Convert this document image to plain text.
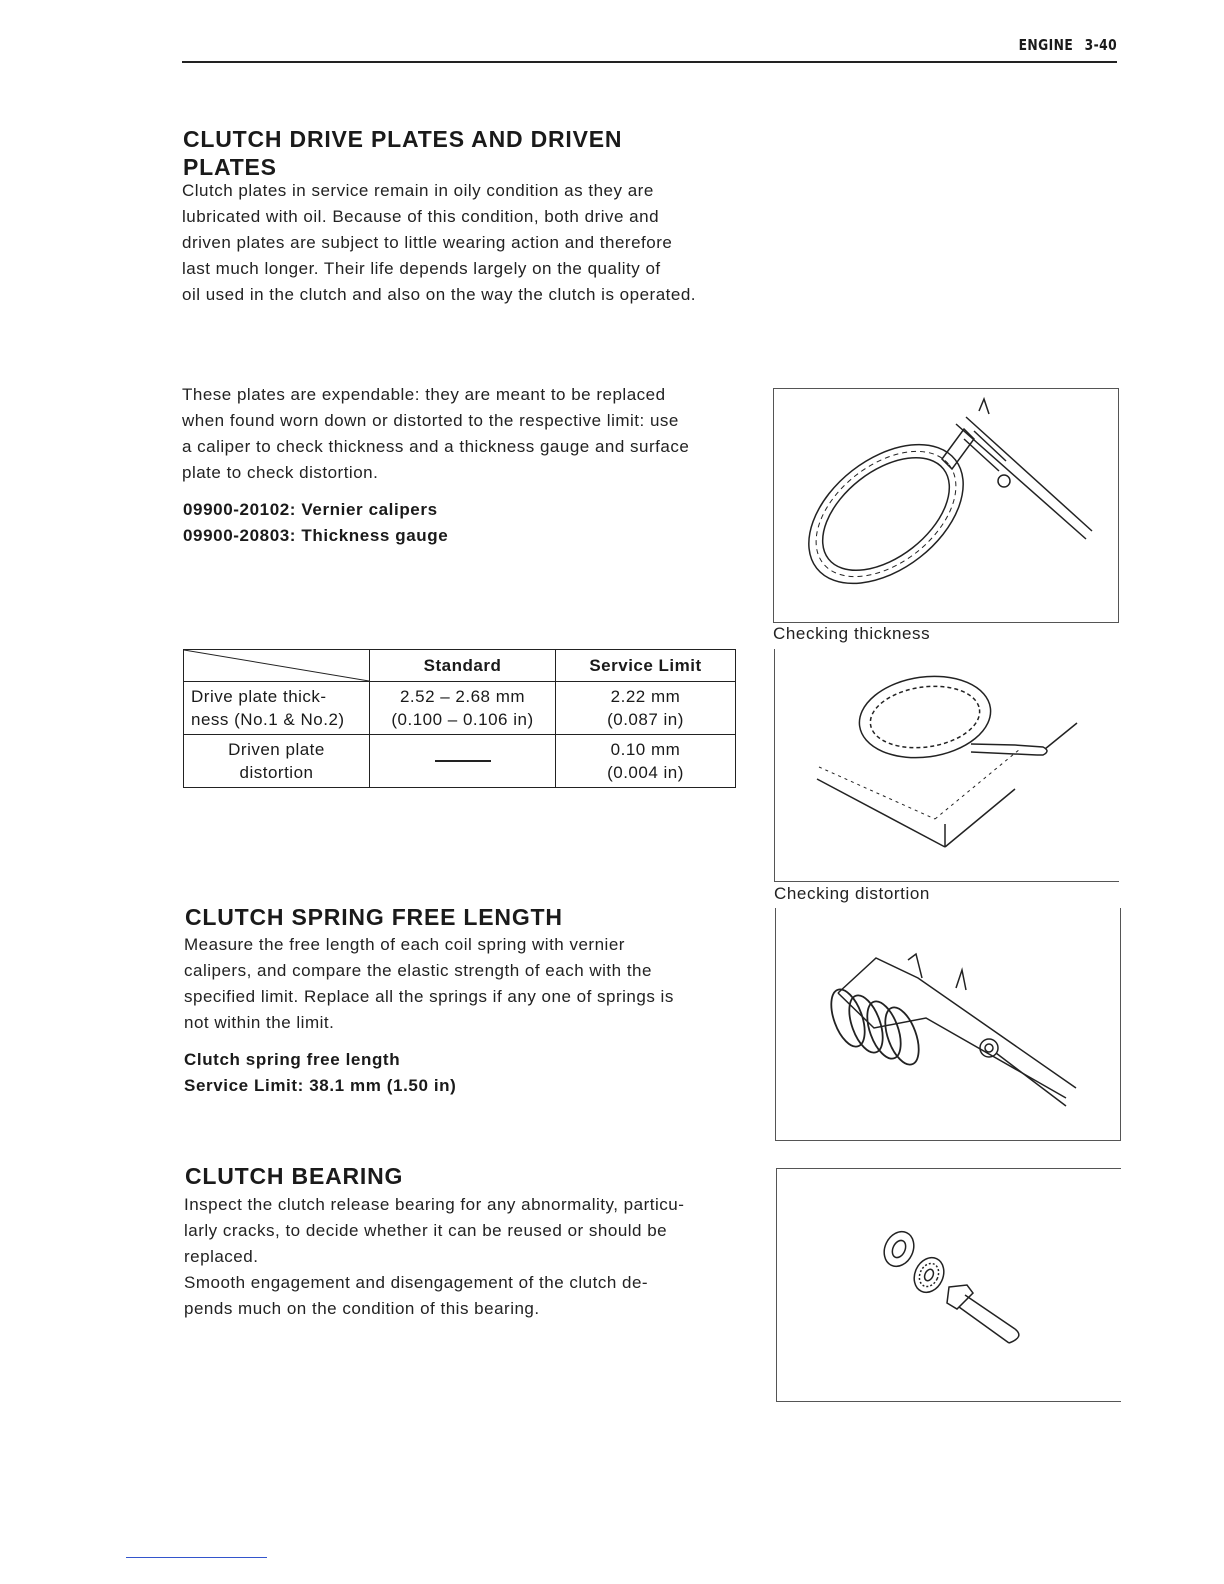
ENGINE 3-40
CLUTCH DRIVE PLATES AND DRIVEN
PLATES
Clutch plates in service remain in oily condition as they are
lubricated with oil. Because of this condition, both drive and
driven plates are subject to little wearing action and therefore
last much longer. Their life depends largely on the quality of
oil used in the clutch and also on the way the clutch is operated.
These plates are expendable: they are meant to be replaced
when found worn down or distorted to the respective limit: use
a caliper to check thickness and a thickness gauge and surface
plate to check distortion.
09900-20102: Vernier calipers
09900-20803: Thickness gauge
	Standard	Service Limit
Drive plate thick-
ness (No.1 & No.2)	2.52 – 2.68 mm
(0.100 – 0.106 in)	2.22 mm
(0.087 in)
Driven plate
distortion		0.10 mm
(0.004 in)
CLUTCH SPRING FREE LENGTH
Measure the free length of each coil spring with vernier
calipers, and compare the elastic strength of each with the
specified limit. Replace all the springs if any one of springs is
not within the limit.
Clutch spring free length
Service Limit: 38.1 mm (1.50 in)
CLUTCH BEARING
Inspect the clutch release bearing for any abnormality, particu-
larly cracks, to decide whether it can be reused or should be
replaced.
Smooth engagement and disengagement of the clutch de-
pends much on the condition of this bearing.
Checking thickness
Checking distortion
